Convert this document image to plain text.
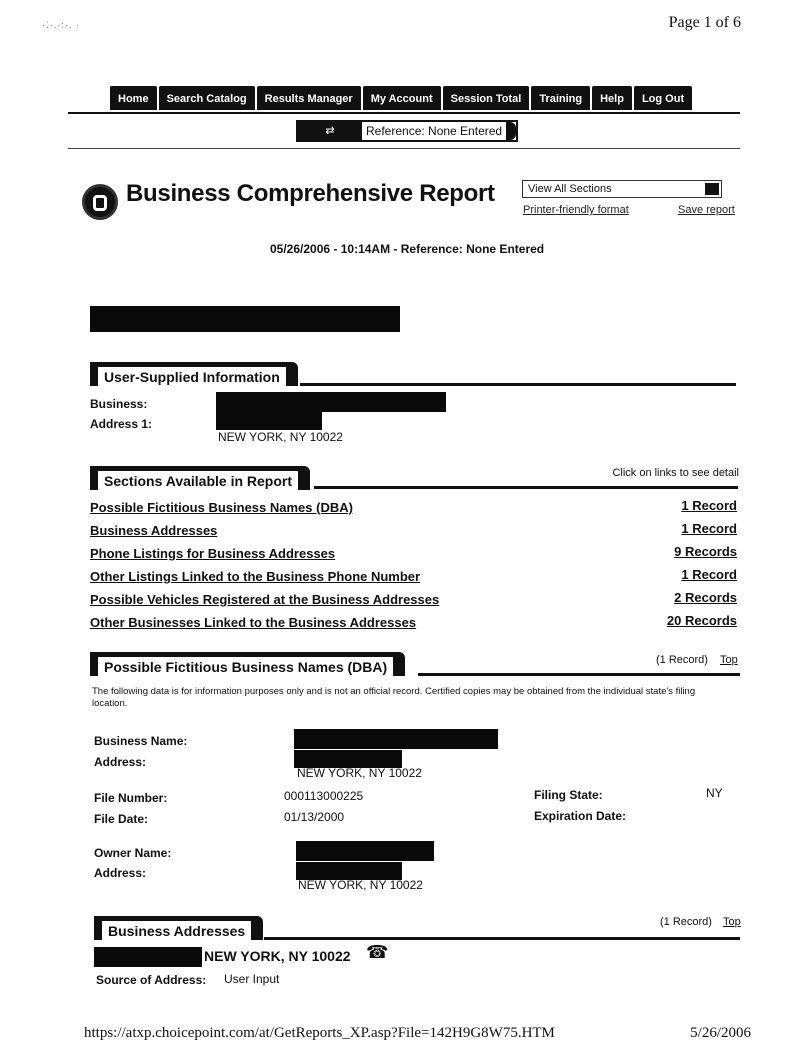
·⁚·.·:·. ·	Page 1 of 6
Home	Search Catalog	Results Manager	My Account	Session Total	Training	Help	Log Out
⇄	Reference: None Entered
Business Comprehensive Report	View All Sections
Printer-friendly format	Save report
05/26/2006 - 10:14AM - Reference: None Entered
User-Supplied Information
Business:
Address 1:
NEW YORK, NY 10022
Sections Available in Report	Click on links to see detail
Possible Fictitious Business Names (DBA)	1 Record
Business Addresses	1 Record
Phone Listings for Business Addresses	9 Records
Other Listings Linked to the Business Phone Number	1 Record
Possible Vehicles Registered at the Business Addresses	2 Records
Other Businesses Linked to the Business Addresses	20 Records
Possible Fictitious Business Names (DBA)	(1 Record) Top
The following data is for information purposes only and is not an official record. Certified copies may be obtained from the individual state's filing location.
Business Name:
Address:
NEW YORK, NY 10022
File Number:	000113000225	Filing State:	NY
File Date:	01/13/2000	Expiration Date:
Owner Name:
Address:
NEW YORK, NY 10022
Business Addresses
(1 Record) Top
NEW YORK, NY 10022 ☎
Source of Address: User Input
https://atxp.choicepoint.com/at/GetReports_XP.asp?File=142H9G8W75.HTM	5/26/2006
